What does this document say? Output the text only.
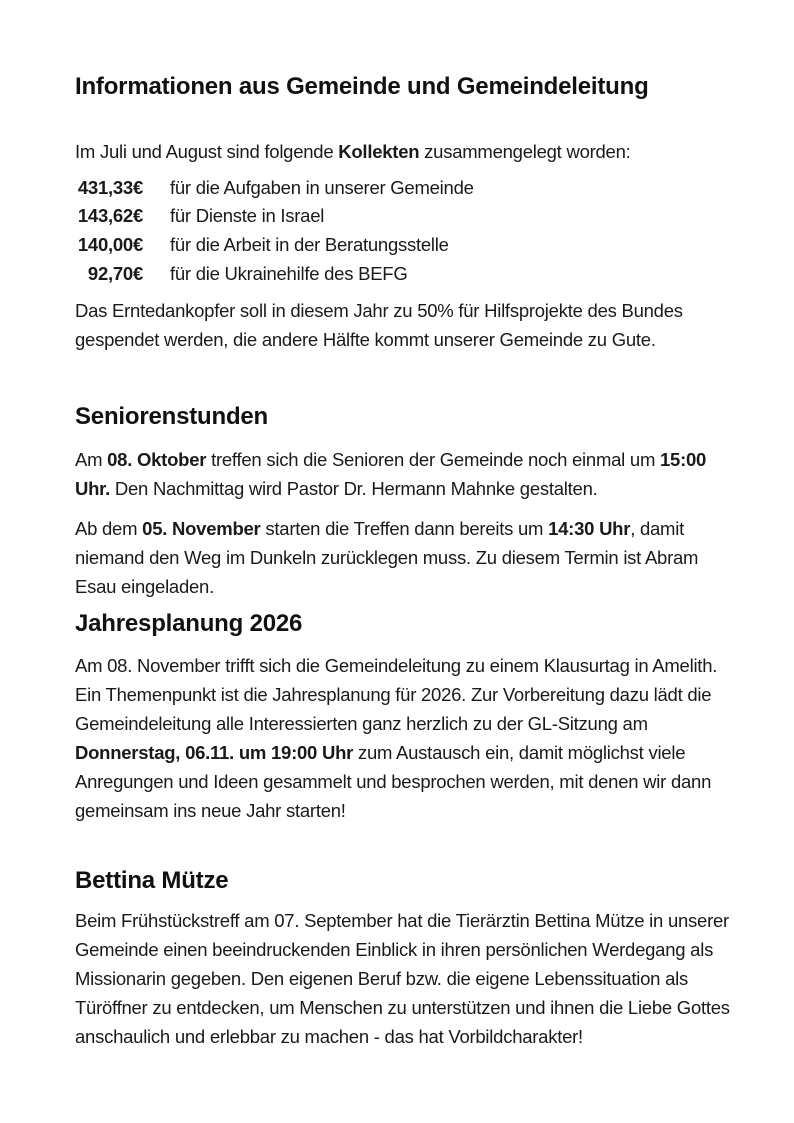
Informationen aus Gemeinde und Gemeindeleitung

Im Juli und August sind folgende Kollekten zusammengelegt worden:

431,33€ für die Aufgaben in unserer Gemeinde
143,62€ für Dienste in Israel
140,00€ für die Arbeit in der Beratungsstelle
92,70€ für die Ukrainehilfe des BEFG

Das Erntedankopfer soll in diesem Jahr zu 50% für Hilfsprojekte des Bundes gespendet werden, die andere Hälfte kommt unserer Gemeinde zu Gute.

Seniorenstunden

Am 08. Oktober treffen sich die Senioren der Gemeinde noch einmal um 15:00 Uhr. Den Nachmittag wird Pastor Dr. Hermann Mahnke gestalten.

Ab dem 05. November starten die Treffen dann bereits um 14:30 Uhr, damit niemand den Weg im Dunkeln zurücklegen muss. Zu diesem Termin ist Abram Esau eingeladen.

Jahresplanung 2026

Am 08. November trifft sich die Gemeindeleitung zu einem Klausurtag in Amelith. Ein Themenpunkt ist die Jahresplanung für 2026. Zur Vorbereitung dazu lädt die Gemeindeleitung alle Interessierten ganz herzlich zu der GL-Sitzung am Donnerstag, 06.11. um 19:00 Uhr zum Austausch ein, damit möglichst viele Anregungen und Ideen gesammelt und besprochen werden, mit denen wir dann gemeinsam ins neue Jahr starten!

Bettina Mütze

Beim Frühstückstreff am 07. September hat die Tierärztin Bettina Mütze in unserer Gemeinde einen beeindruckenden Einblick in ihren persönlichen Werdegang als Missionarin gegeben. Den eigenen Beruf bzw. die eigene Lebenssituation als Türöffner zu entdecken, um Menschen zu unterstützen und ihnen die Liebe Gottes anschaulich und erlebbar zu machen - das hat Vorbildcharakter!
